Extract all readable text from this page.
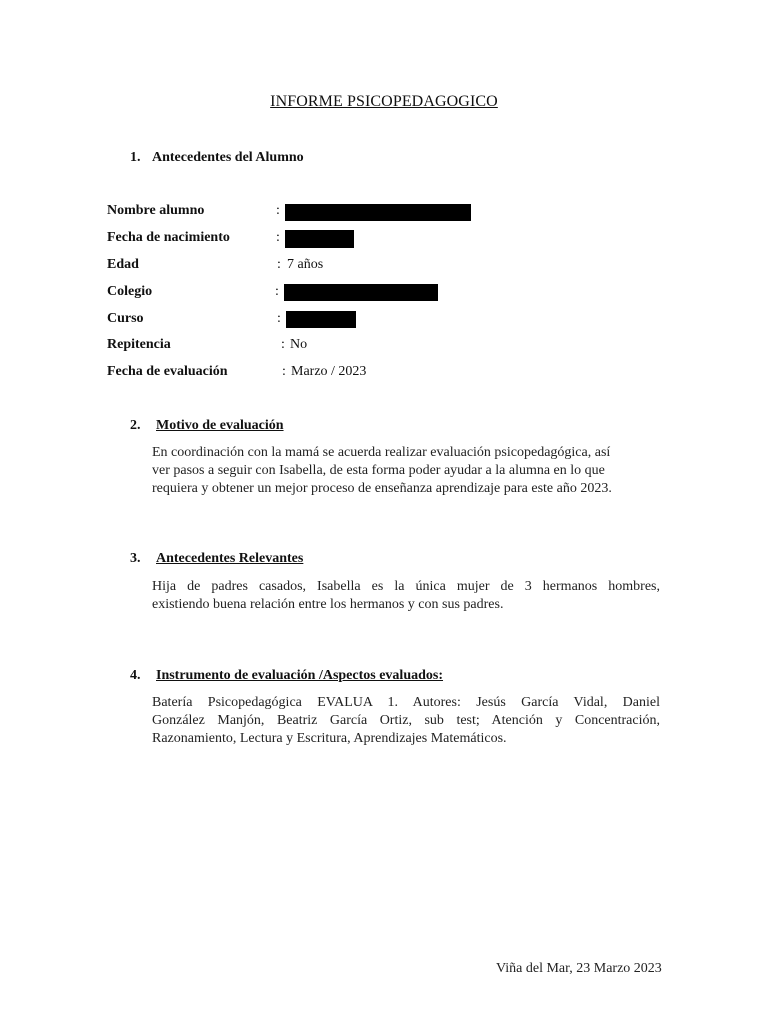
INFORME PSICOPEDAGOGICO
1. Antecedentes del Alumno
Nombre alumno	:
Fecha de nacimiento	:
Edad	: 7 años
Colegio	:
Curso	:
Repitencia	: No
Fecha de evaluación	: Marzo / 2023
2. Motivo de evaluación
En coordinación con la mamá se acuerda realizar evaluación psicopedagógica, así
ver pasos a seguir con Isabella, de esta forma poder ayudar a la alumna en lo que
requiera y obtener un mejor proceso de enseñanza aprendizaje para este año 2023.
3. Antecedentes Relevantes
Hija de padres casados, Isabella es la única mujer de 3 hermanos hombres,
existiendo buena relación entre los hermanos y con sus padres.
4. Instrumento de evaluación /Aspectos evaluados:
Batería Psicopedagógica EVALUA 1. Autores: Jesús García Vidal, Daniel
González Manjón, Beatriz García Ortiz, sub test; Atención y Concentración,
Razonamiento, Lectura y Escritura, Aprendizajes Matemáticos.
Viña del Mar, 23 Marzo 2023
